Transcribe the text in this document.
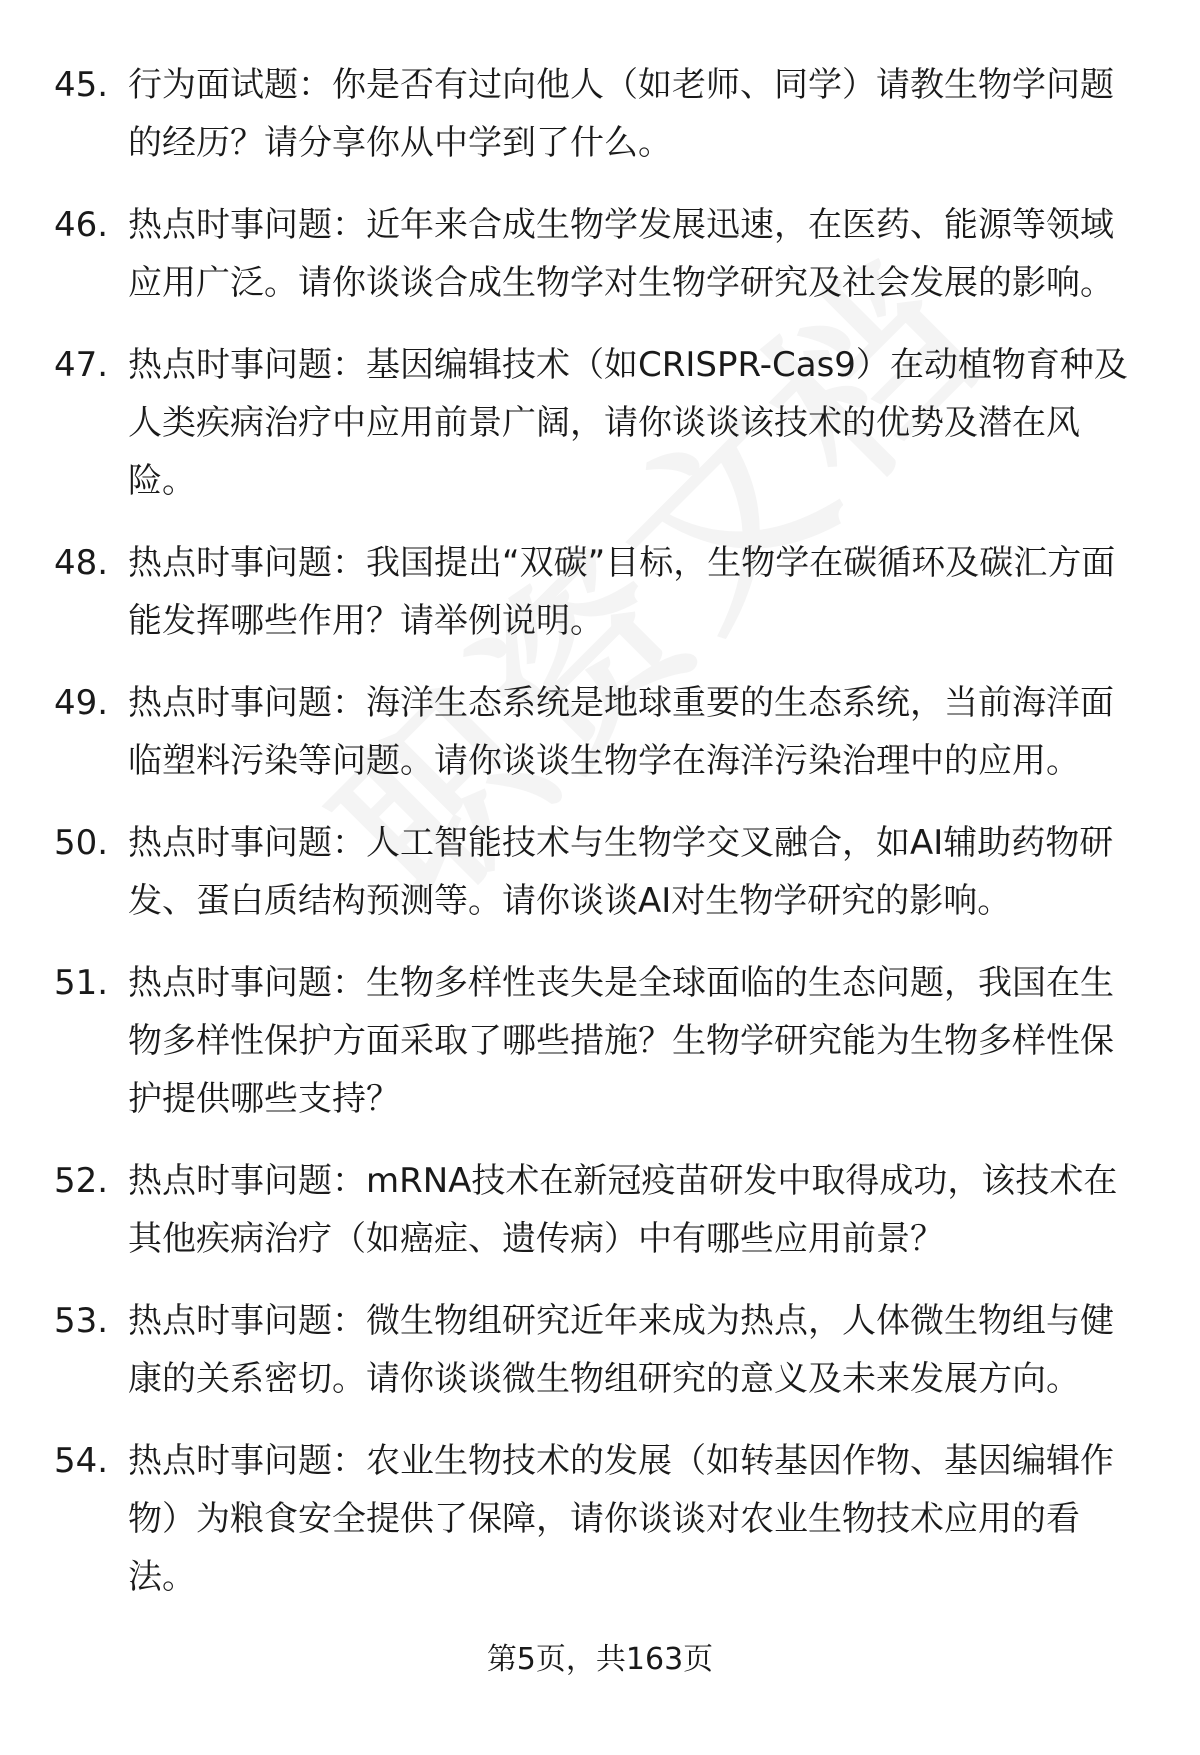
45. 行为面试题：你是否有过向他人（如老师、同学）请教生物学问题的经历？请分享你从中学到了什么。
46. 热点时事问题：近年来合成生物学发展迅速，在医药、能源等领域应用广泛。请你谈谈合成生物学对生物学研究及社会发展的影响。
47. 热点时事问题：基因编辑技术（如CRISPR-Cas9）在动植物育种及人类疾病治疗中应用前景广阔，请你谈谈该技术的优势及潜在风险。
48. 热点时事问题：我国提出“双碳”目标，生物学在碳循环及碳汇方面能发挥哪些作用？请举例说明。
49. 热点时事问题：海洋生态系统是地球重要的生态系统，当前海洋面临塑料污染等问题。请你谈谈生物学在海洋污染治理中的应用。
50. 热点时事问题：人工智能技术与生物学交叉融合，如AI辅助药物研发、蛋白质结构预测等。请你谈谈AI对生物学研究的影响。
51. 热点时事问题：生物多样性丧失是全球面临的生态问题，我国在生物多样性保护方面采取了哪些措施？生物学研究能为生物多样性保护提供哪些支持？
52. 热点时事问题：mRNA技术在新冠疫苗研发中取得成功，该技术在其他疾病治疗（如癌症、遗传病）中有哪些应用前景？
53. 热点时事问题：微生物组研究近年来成为热点，人体微生物组与健康的关系密切。请你谈谈微生物组研究的意义及未来发展方向。
54. 热点时事问题：农业生物技术的发展（如转基因作物、基因编辑作物）为粮食安全提供了保障，请你谈谈对农业生物技术应用的看法。
第5页，共163页
